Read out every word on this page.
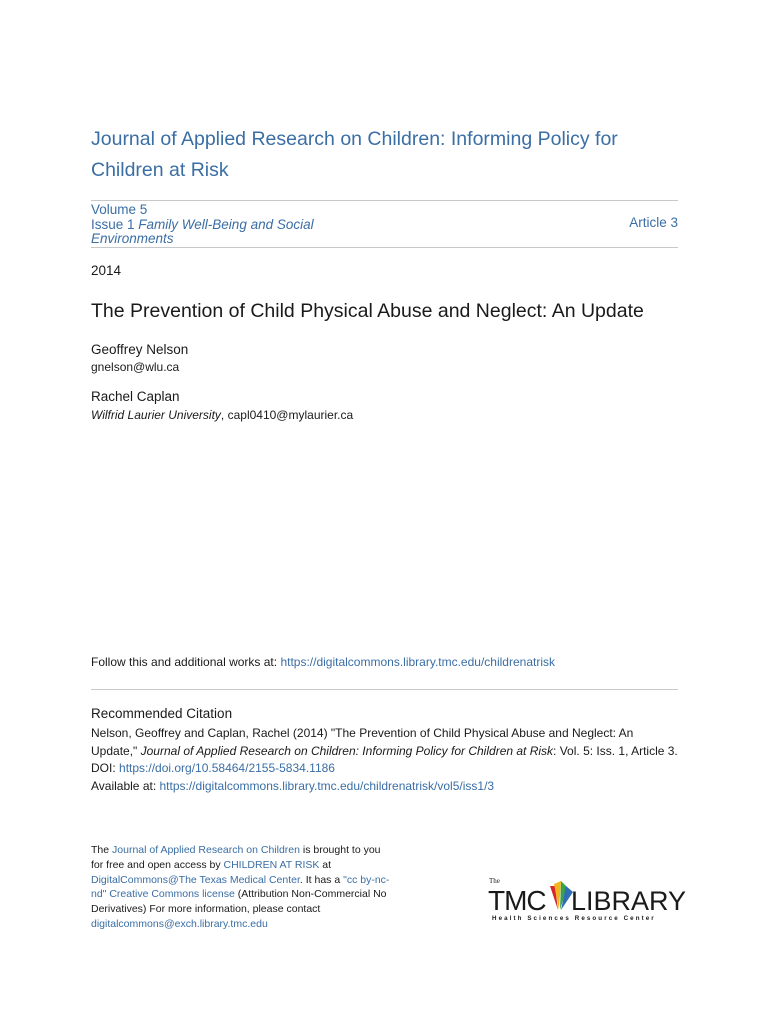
Journal of Applied Research on Children: Informing Policy for Children at Risk
Volume 5
Issue 1 Family Well-Being and Social Environments
Article 3
2014
The Prevention of Child Physical Abuse and Neglect: An Update
Geoffrey Nelson
gnelson@wlu.ca
Rachel Caplan
Wilfrid Laurier University, capl0410@mylaurier.ca
Follow this and additional works at: https://digitalcommons.library.tmc.edu/childrenatrisk
Recommended Citation
Nelson, Geoffrey and Caplan, Rachel (2014) "The Prevention of Child Physical Abuse and Neglect: An Update," Journal of Applied Research on Children: Informing Policy for Children at Risk: Vol. 5: Iss. 1, Article 3.
DOI: https://doi.org/10.58464/2155-5834.1186
Available at: https://digitalcommons.library.tmc.edu/childrenatrisk/vol5/iss1/3
The Journal of Applied Research on Children is brought to you for free and open access by CHILDREN AT RISK at DigitalCommons@The Texas Medical Center. It has a "cc by-nc-nd" Creative Commons license (Attribution Non-Commercial No Derivatives) For more information, please contact digitalcommons@exch.library.tmc.edu
The
TMC LIBRARY
Health Sciences Resource Center
